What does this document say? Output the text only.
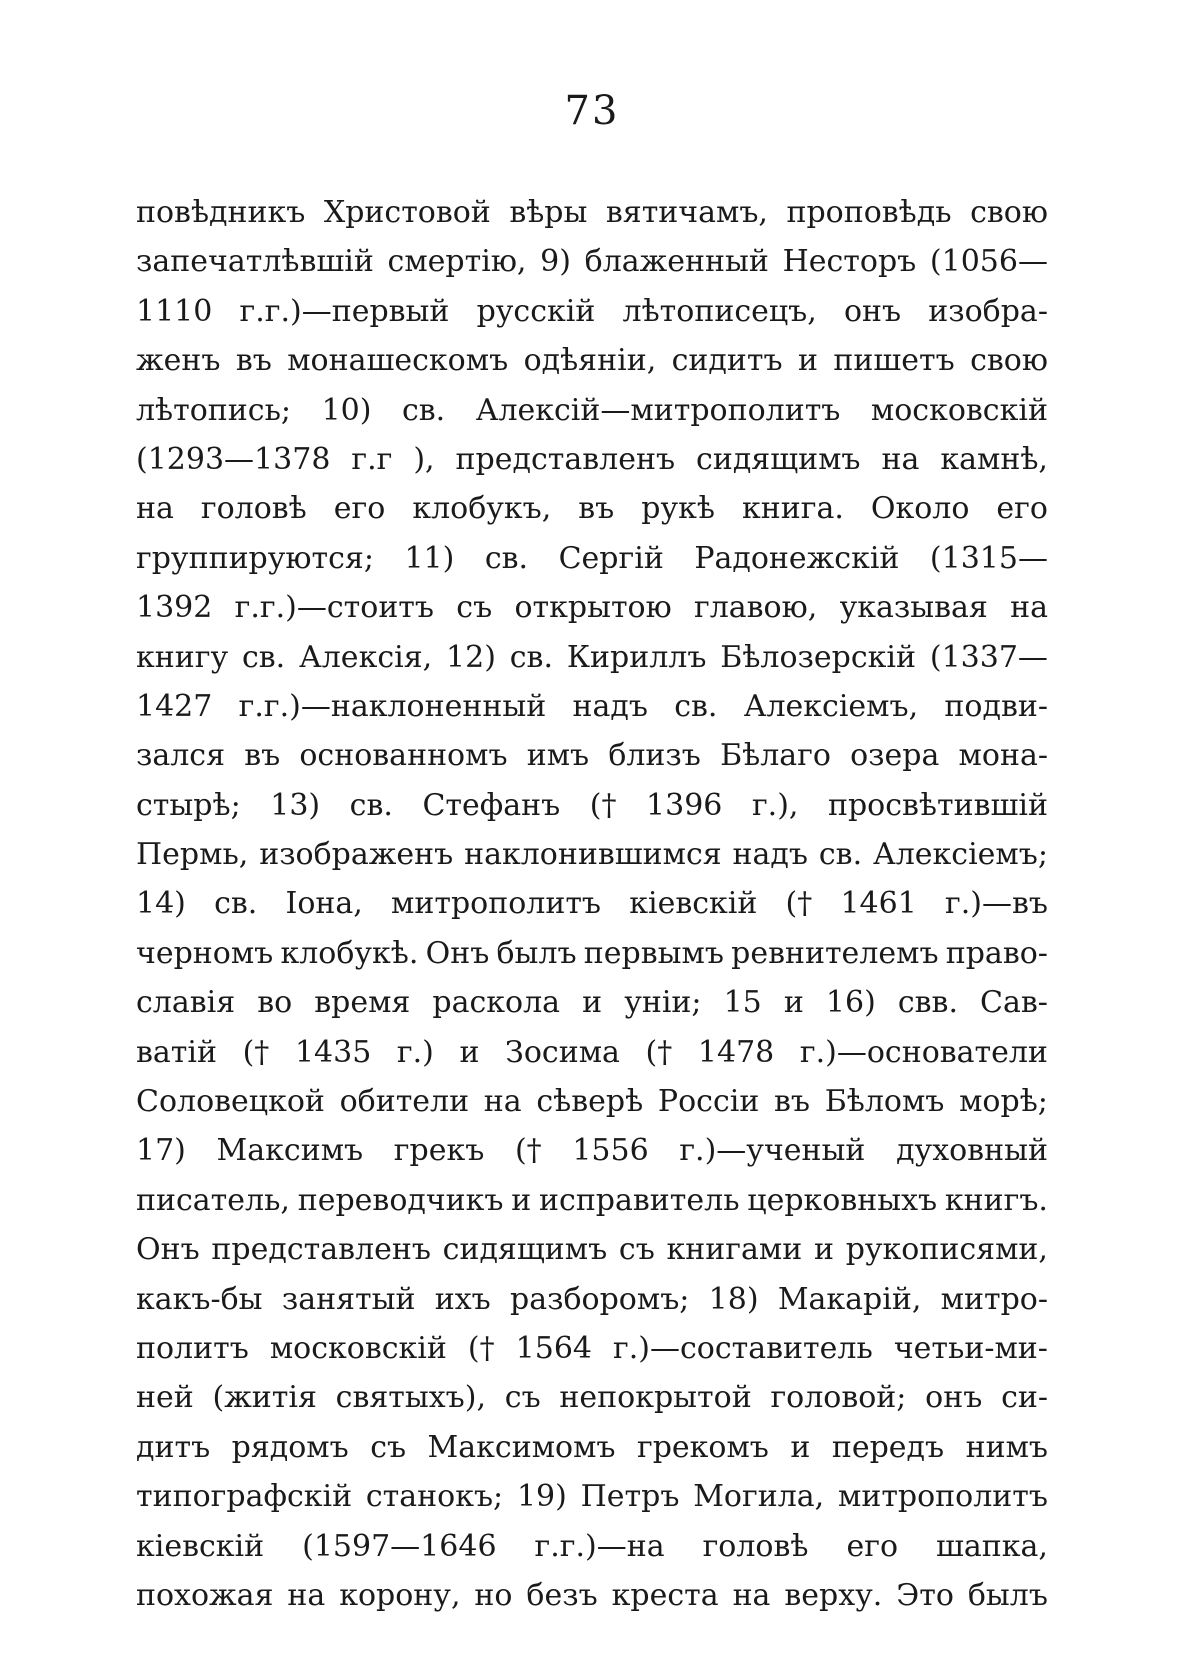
73
повѣдникъ Христовой вѣры вятичамъ, проповѣдь свою
запечатлѣвшій смертію, 9) блаженный Несторъ (1056—
1110 г.г.)—первый русскій лѣтописецъ, онъ изобра-
женъ въ монашескомъ одѣяніи, сидитъ и пишетъ свою
лѣтопись; 10) св. Алексій—митрополитъ московскій
(1293—1378 г.г ), представленъ сидящимъ на камнѣ,
на головѣ его клобукъ, въ рукѣ книга. Около его
группируются; 11) св. Сергій Радонежскій (1315—
1392 г.г.)—стоитъ съ открытою главою, указывая на
книгу св. Алексія, 12) св. Кириллъ Бѣлозерскій (1337—
1427 г.г.)—наклоненный надъ св. Алексіемъ, подви-
зался въ основанномъ имъ близъ Бѣлаго озера мона-
стырѣ; 13) св. Стефанъ († 1396 г.), просвѣтившій
Пермь, изображенъ наклонившимся надъ св. Алексіемъ;
14) св. Іона, митрополитъ кіевскій († 1461 г.)—въ
черномъ клобукѣ. Онъ былъ первымъ ревнителемъ право-
славія во время раскола и уніи; 15 и 16) свв. Сав-
ватій († 1435 г.) и Зосима († 1478 г.)—основатели
Соловецкой обители на сѣверѣ Россіи въ Бѣломъ морѣ;
17) Максимъ грекъ († 1556 г.)—ученый духовный
писатель, переводчикъ и исправитель церковныхъ книгъ.
Онъ представленъ сидящимъ съ книгами и рукописями,
какъ-бы занятый ихъ разборомъ; 18) Макарій, митро-
политъ московскій († 1564 г.)—составитель четьи-ми-
ней (житія святыхъ), съ непокрытой головой; онъ си-
дитъ рядомъ съ Максимомъ грекомъ и передъ нимъ
типографскій станокъ; 19) Петръ Могила, митрополитъ
кіевскій (1597—1646 г.г.)—на головѣ его шапка,
похожая на корону, но безъ креста на верху. Это былъ
